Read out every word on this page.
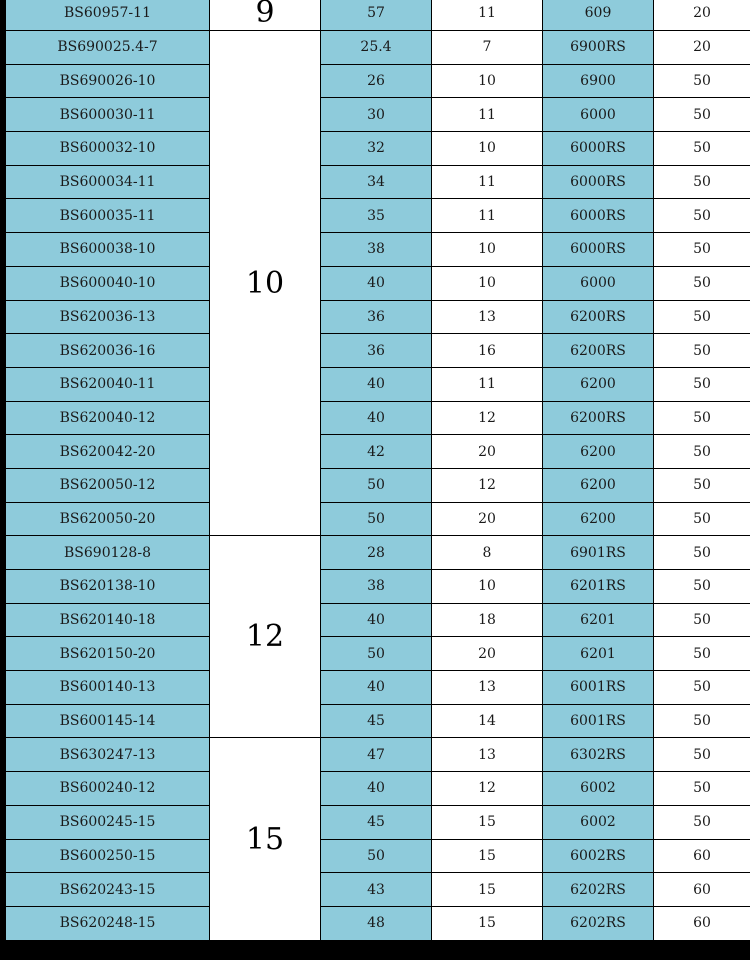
	BS60957-11	9	57	11	609	20
	BS690025.4-7	10	25.4	7	6900RS	20
	BS690026-10		26	10	6900	50
	BS600030-11		30	11	6000	50
	BS600032-10		32	10	6000RS	50
	BS600034-11		34	11	6000RS	50
	BS600035-11		35	11	6000RS	50
	BS600038-10		38	10	6000RS	50
	BS600040-10		40	10	6000	50
	BS620036-13		36	13	6200RS	50
	BS620036-16		36	16	6200RS	50
	BS620040-11		40	11	6200	50
	BS620040-12		40	12	6200RS	50
	BS620042-20		42	20	6200	50
	BS620050-12		50	12	6200	50
	BS620050-20		50	20	6200	50
	BS690128-8	12	28	8	6901RS	50
	BS620138-10		38	10	6201RS	50
	BS620140-18		40	18	6201	50
	BS620150-20		50	20	6201	50
	BS600140-13		40	13	6001RS	50
	BS600145-14		45	14	6001RS	50
	BS630247-13	15	47	13	6302RS	50
	BS600240-12		40	12	6002	50
	BS600245-15		45	15	6002	50
	BS600250-15		50	15	6002RS	60
	BS620243-15		43	15	6202RS	60
	BS620248-15		48	15	6202RS	60
